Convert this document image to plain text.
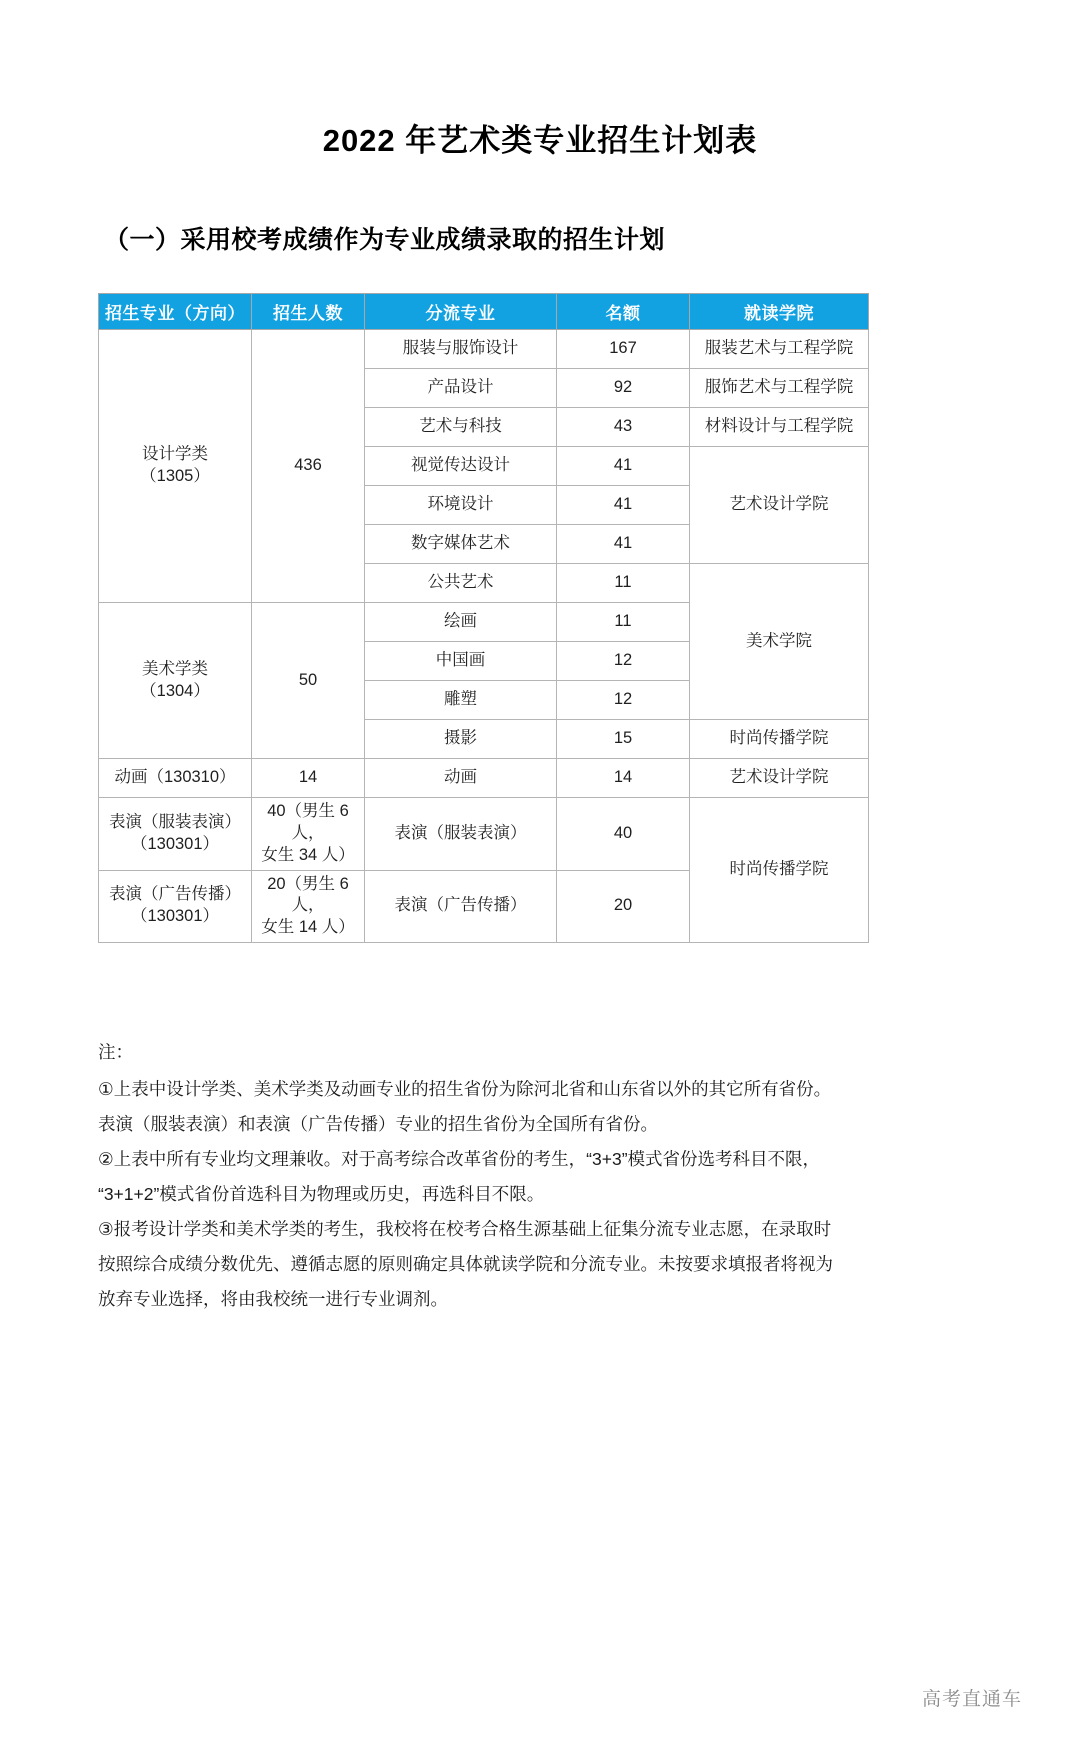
2022 年艺术类专业招生计划表
（一）采用校考成绩作为专业成绩录取的招生计划
招生专业（方向）	招生人数	分流专业	名额	就读学院

设计学类
（1305）	436	服装与服饰设计	167	服装艺术与工程学院
		产品设计	92	服饰艺术与工程学院
		艺术与科技	43	材料设计与工程学院
		视觉传达设计	41	艺术设计学院
		环境设计	41	
		数字媒体艺术	41	
		公共艺术	11	美术学院

美术学类
（1304）	50	绘画	11	
		中国画	12	
		雕塑	12	
		摄影	15	时尚传播学院
动画（130310）	14	动画	14	艺术设计学院

表演（服装表演）
（130301）	40（男生 6 人，
女生 34 人）	表演（服装表演）	40	时尚传播学院

表演（广告传播）
（130301）	20（男生 6 人，
女生 14 人）	表演（广告传播）	20	

注：

①上表中设计学类、美术学类及动画专业的招生省份为除河北省和山东省以外的其它所有省份。

表演（服装表演）和表演（广告传播）专业的招生省份为全国所有省份。

②上表中所有专业均文理兼收。对于高考综合改革省份的考生，“3+3”模式省份选考科目不限，

“3+1+2”模式省份首选科目为物理或历史，再选科目不限。

③报考设计学类和美术学类的考生，我校将在校考合格生源基础上征集分流专业志愿，在录取时

按照综合成绩分数优先、遵循志愿的原则确定具体就读学院和分流专业。未按要求填报者将视为

放弃专业选择，将由我校统一进行专业调剂。

高考直通车
